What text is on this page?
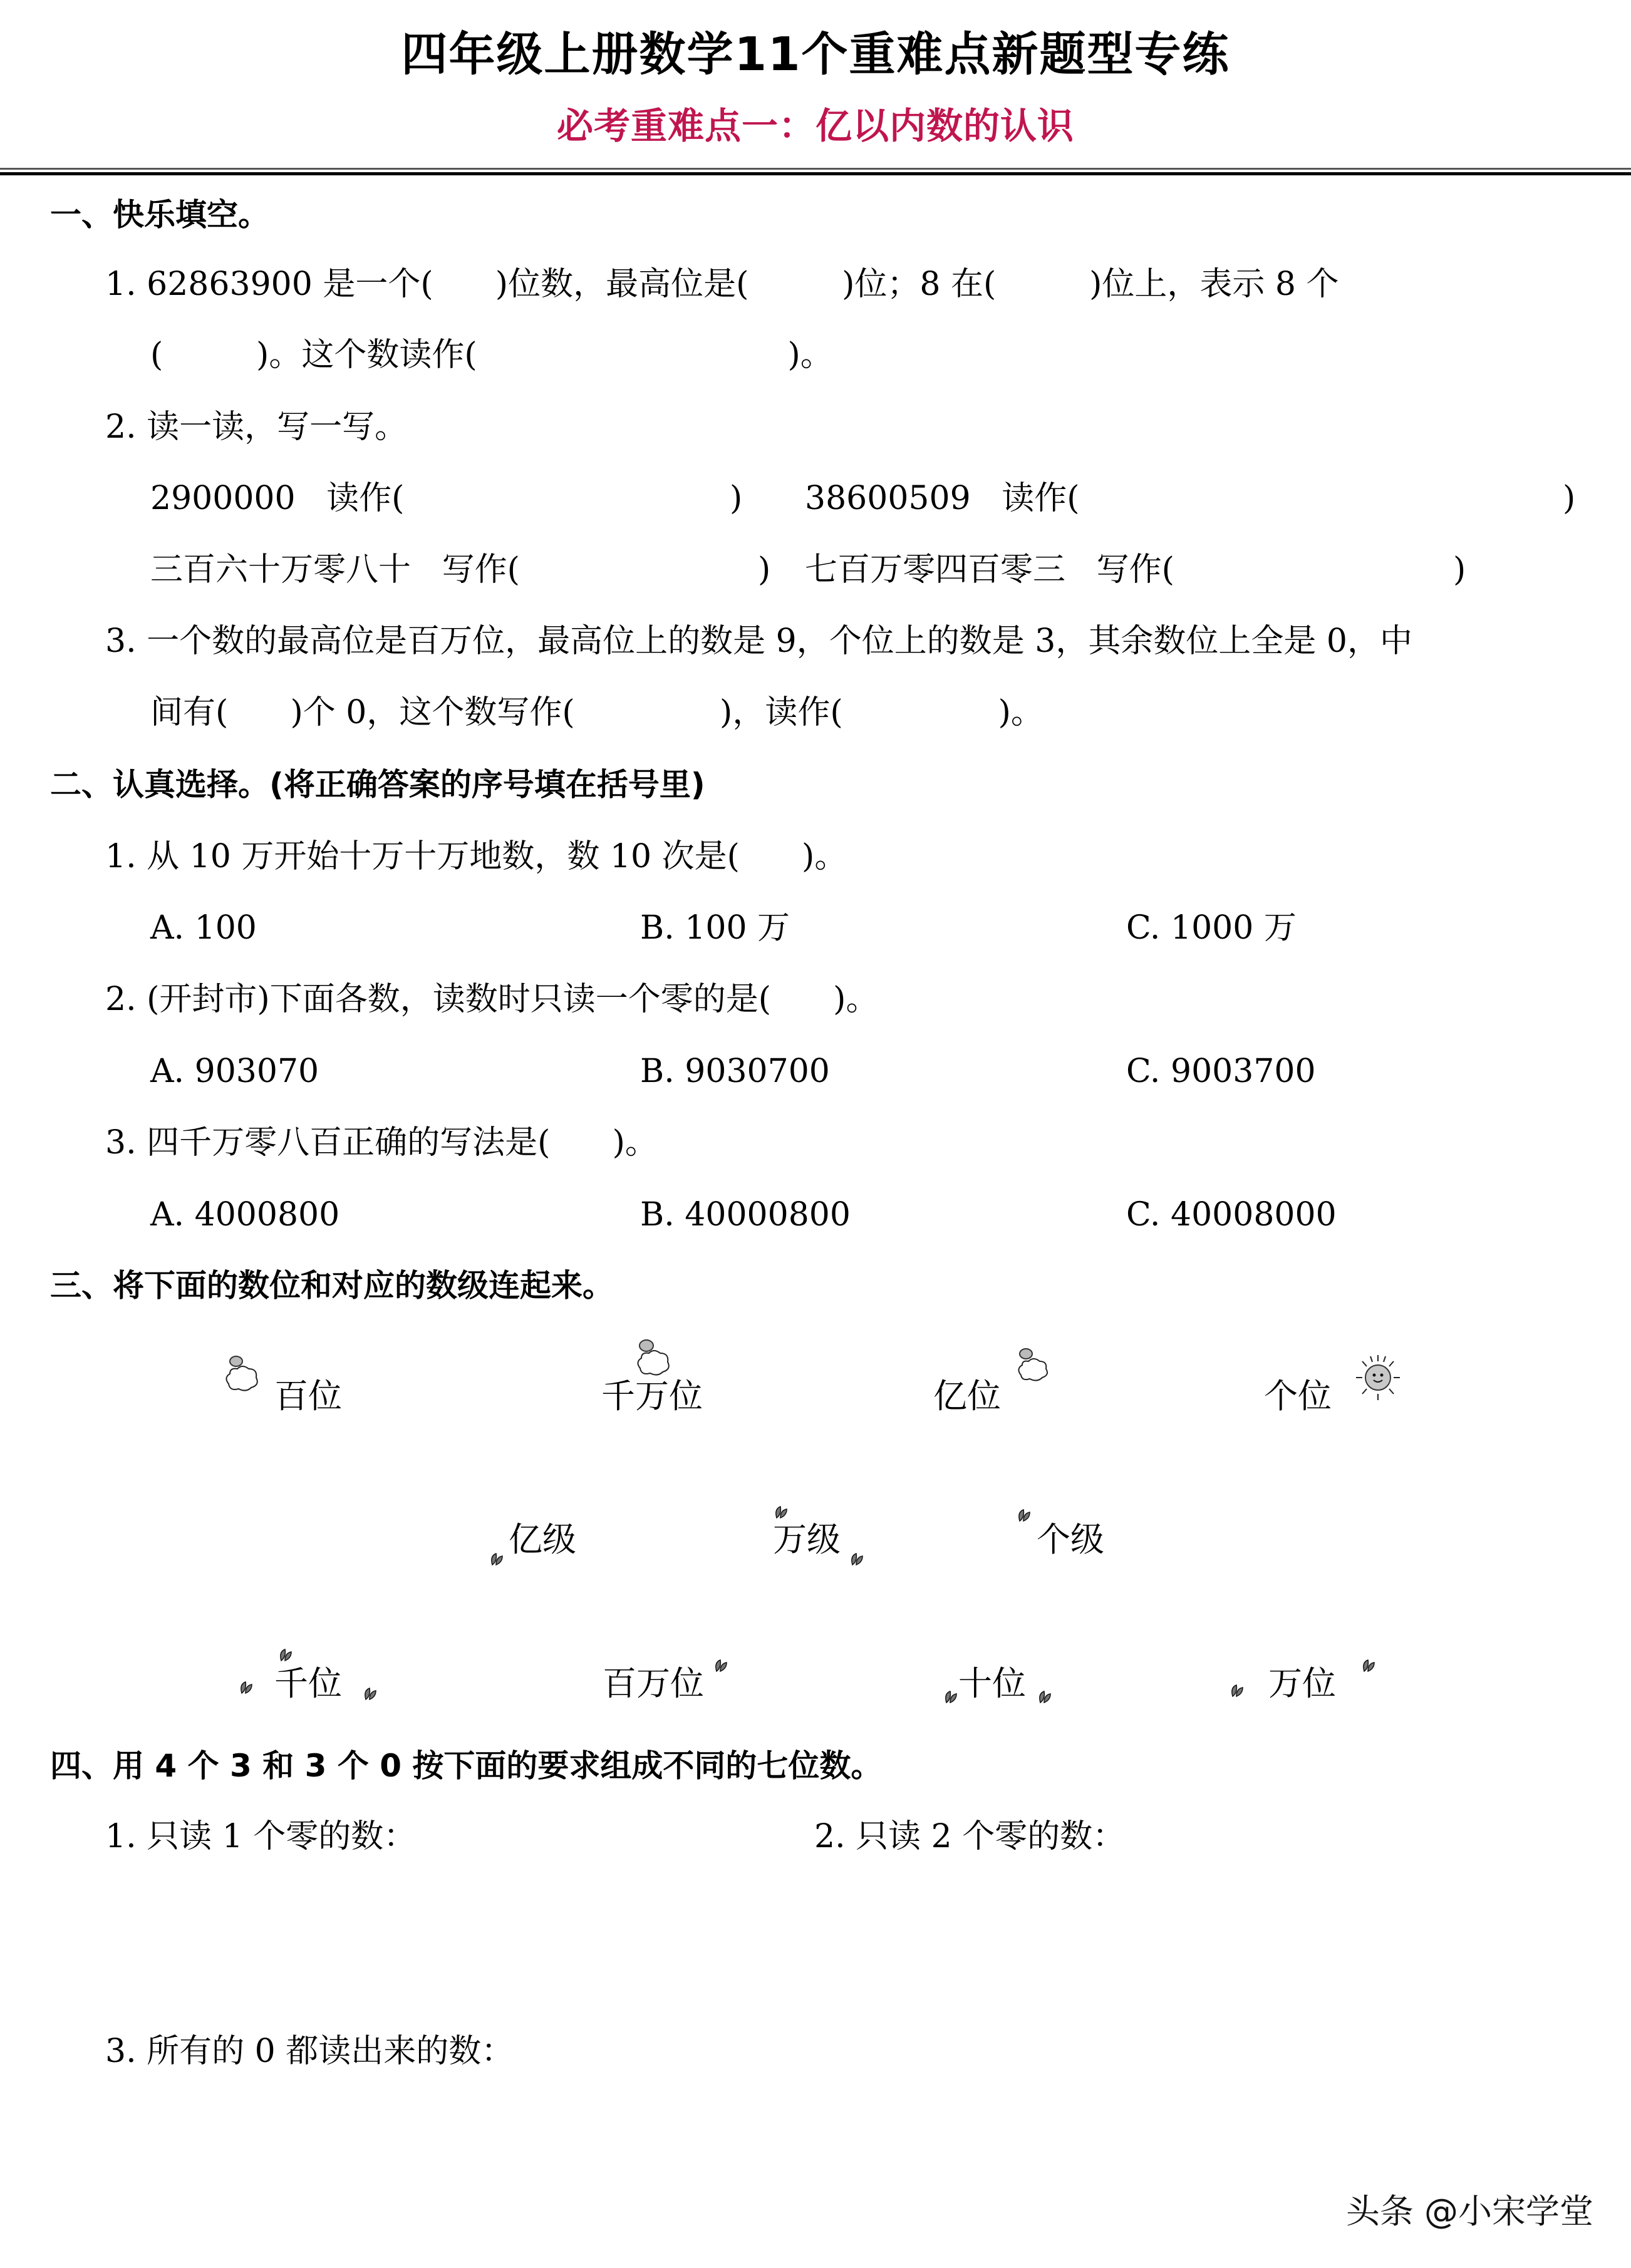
四年级上册数学11个重难点新题型专练
必考重难点一：亿以内数的认识
一、快乐填空。
1. 62863900 是一个(      )位数，最高位是(         )位；8 在(         )位上，表示 8 个
(         )。这个数读作(                              )。
2. 读一读，写一写。
2900000   读作(	) 38600509   读作(	)
三百六十万零八十   写作(	) 七百万零四百零三   写作(	)
3. 一个数的最高位是百万位，最高位上的数是 9，个位上的数是 3，其余数位上全是 0，中
间有(      )个 0，这个数写作(              )，读作(               )。
二、认真选择。(将正确答案的序号填在括号里)
1. 从 10 万开始十万十万地数，数 10 次是(      )。
A. 100	B. 100 万	C. 1000 万
2. (开封市)下面各数，读数时只读一个零的是(      )。
A. 903070	B. 9030700	C. 9003700
3. 四千万零八百正确的写法是(      )。
A. 4000800	B. 40000800	C. 40008000
三、将下面的数位和对应的数级连起来。
百位	千万位	亿位	个位
亿级	万级	个级
千位	百万位	十位	万位
四、用 4 个 3 和 3 个 0 按下面的要求组成不同的七位数。
1. 只读 1 个零的数：	2. 只读 2 个零的数：
3. 所有的 0 都读出来的数：
头条 @小宋学堂
